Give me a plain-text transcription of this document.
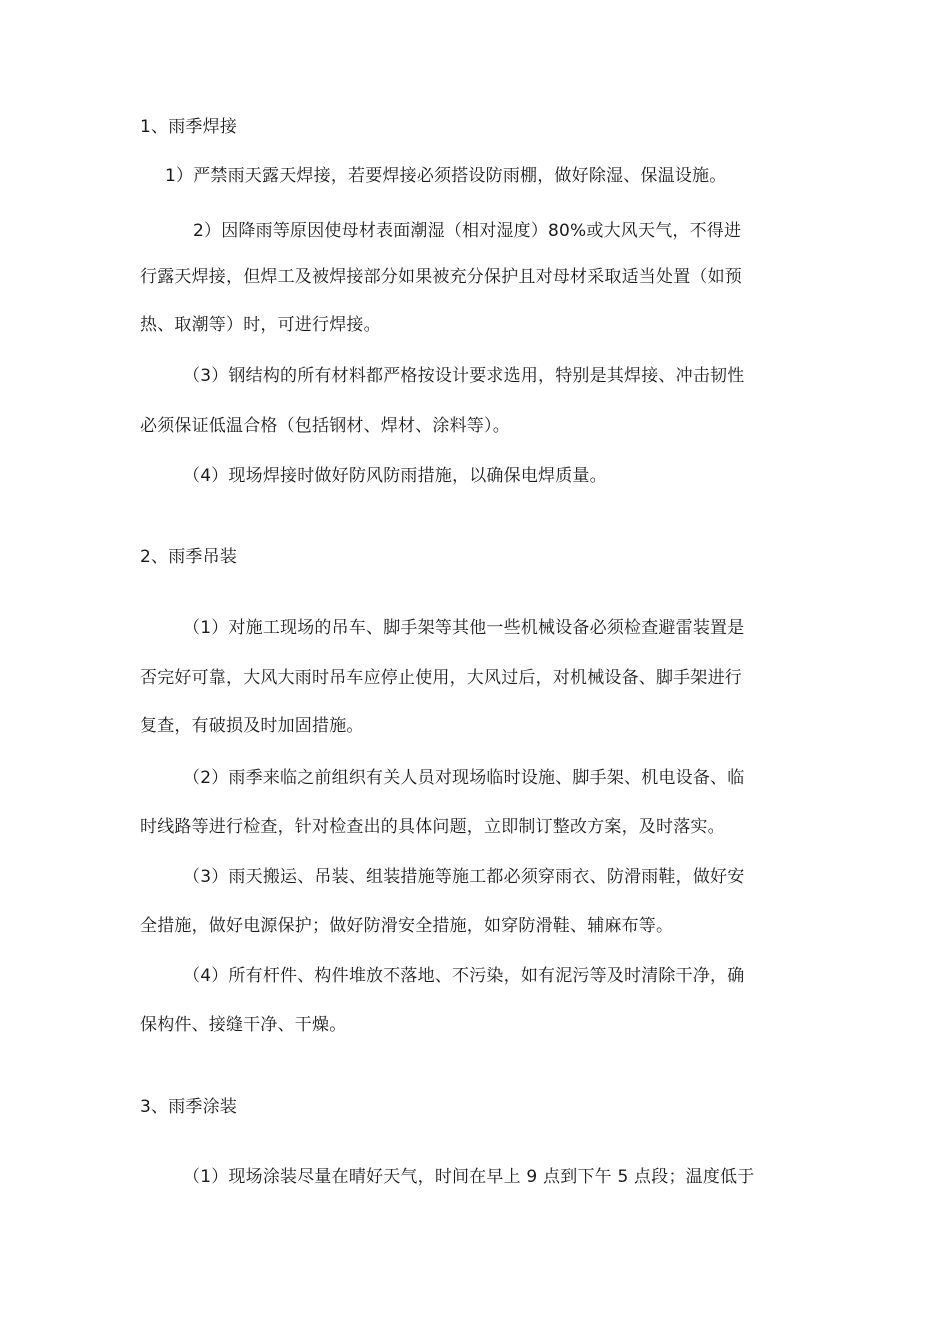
1、雨季焊接
1）严禁雨天露天焊接，若要焊接必须搭设防雨棚，做好除湿、保温设施。
2）因降雨等原因使母材表面潮湿（相对湿度）80%或大风天气，不得进
行露天焊接，但焊工及被焊接部分如果被充分保护且对母材采取适当处置（如预
热、取潮等）时，可进行焊接。
（3）钢结构的所有材料都严格按设计要求选用，特别是其焊接、冲击韧性
必须保证低温合格（包括钢材、焊材、涂料等）。
（4）现场焊接时做好防风防雨措施，以确保电焊质量。
2、雨季吊装
（1）对施工现场的吊车、脚手架等其他一些机械设备必须检查避雷装置是
否完好可靠，大风大雨时吊车应停止使用，大风过后，对机械设备、脚手架进行
复查，有破损及时加固措施。
（2）雨季来临之前组织有关人员对现场临时设施、脚手架、机电设备、临
时线路等进行检查，针对检查出的具体问题，立即制订整改方案，及时落实。
（3）雨天搬运、吊装、组装措施等施工都必须穿雨衣、防滑雨鞋，做好安
全措施，做好电源保护；做好防滑安全措施，如穿防滑鞋、辅麻布等。
（4）所有杆件、构件堆放不落地、不污染，如有泥污等及时清除干净，确
保构件、接缝干净、干燥。
3、雨季涂装
（1）现场涂装尽量在晴好天气，时间在早上 9 点到下午 5 点段；温度低于
